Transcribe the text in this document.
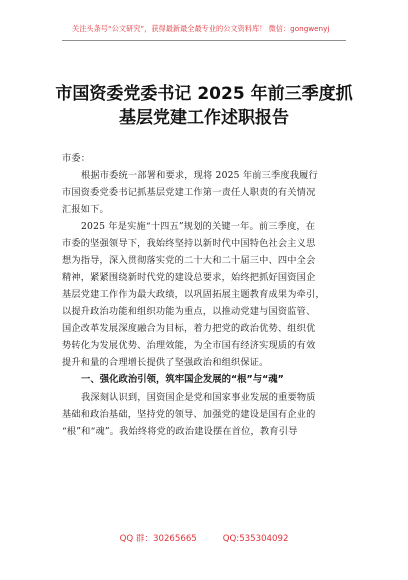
关注头条号“公文研究”，获得最新最全最专业的公文资料库！ 微信：gongwenyj
市国资委党委书记 2025 年前三季度抓
基层党建工作述职报告

市委：

根据市委统一部署和要求，现将 2025 年前三季度我履行
市国资委党委书记抓基层党建工作第一责任人职责的有关情况
汇报如下。

2025 年是实施“十四五”规划的关键一年。前三季度，在
市委的坚强领导下，我始终坚持以新时代中国特色社会主义思
想为指导，深入贯彻落实党的二十大和二十届三中、四中全会
精神，紧紧围绕新时代党的建设总要求，始终把抓好国资国企
基层党建工作作为最大政绩，以巩固拓展主题教育成果为牵引，
以提升政治功能和组织功能为重点，以推动党建与国资监管、
国企改革发展深度融合为目标，着力把党的政治优势、组织优
势转化为发展优势、治理效能，为全市国有经济实现质的有效
提升和量的合理增长提供了坚强政治和组织保证。

一、强化政治引领，筑牢国企发展的“根”与“魂”

我深刻认识到，国资国企是党和国家事业发展的重要物质
基础和政治基础，坚持党的领导、加强党的建设是国有企业的
“根”和“魂”。我始终将党的政治建设摆在首位，教育引导

QQ 群：30265665	QQ:535304092
